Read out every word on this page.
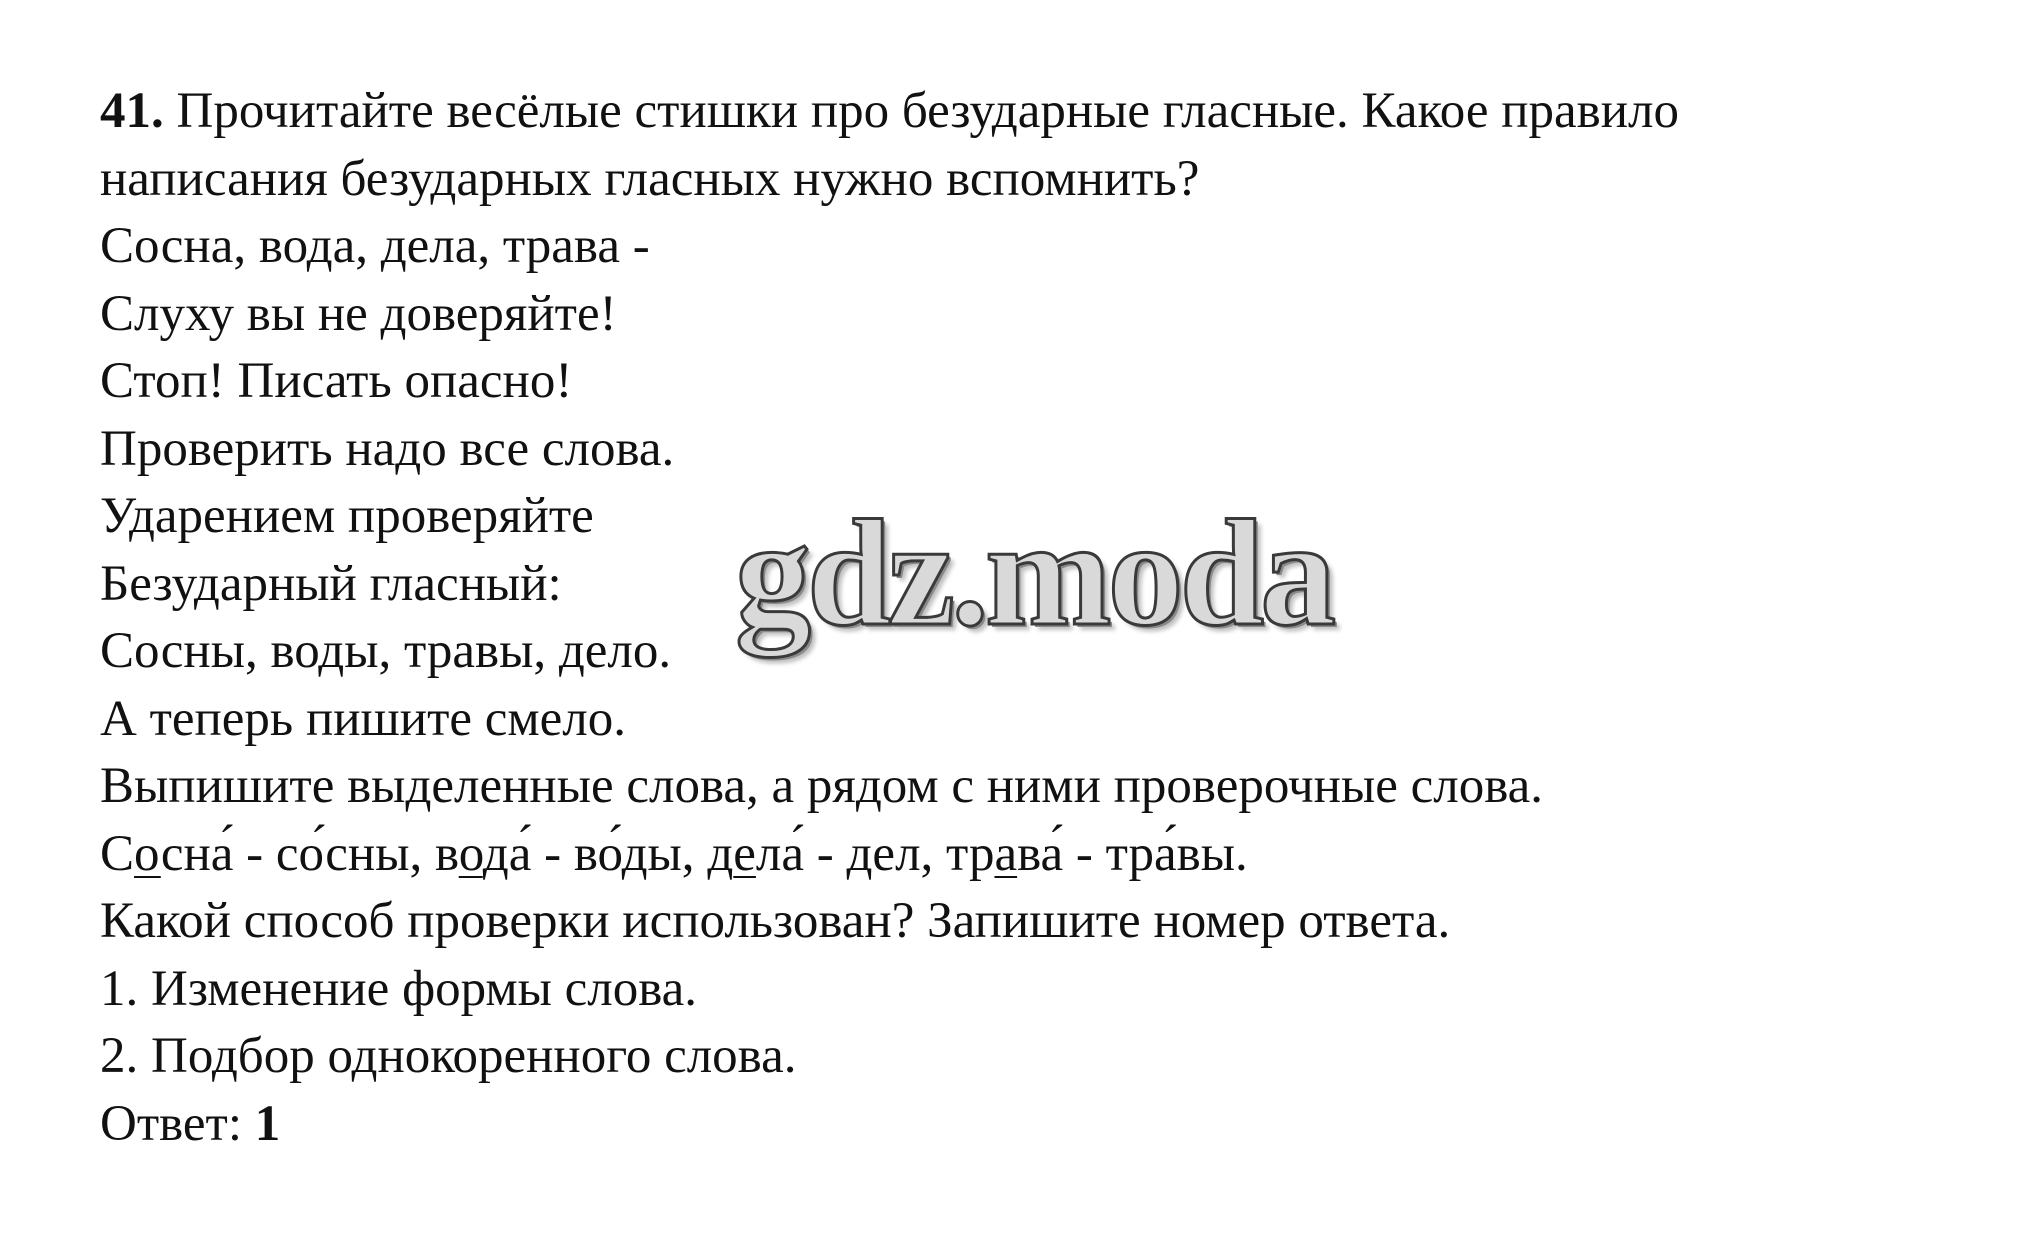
41. Прочитайте весёлые стишки про безударные гласные. Какое правило
написания безударных гласных нужно вспомнить?
Сосна, вода, дела, трава -
Слуху вы не доверяйте!
Стоп! Писать опасно!
Проверить надо все слова.
Ударением проверяйте
Безударный гласный:
Сосны, воды, травы, дело.
А теперь пишите смело.
Выпишите выделенные слова, а рядом с ними проверочные слова.
Сосна́ - со́сны, вода́ - во́ды, дела́ - дел, трава́ - тра́вы.
Какой способ проверки использован? Запишите номер ответа.
1. Изменение формы слова.
2. Подбор однокоренного слова.
Ответ: 1
gdz.moda
